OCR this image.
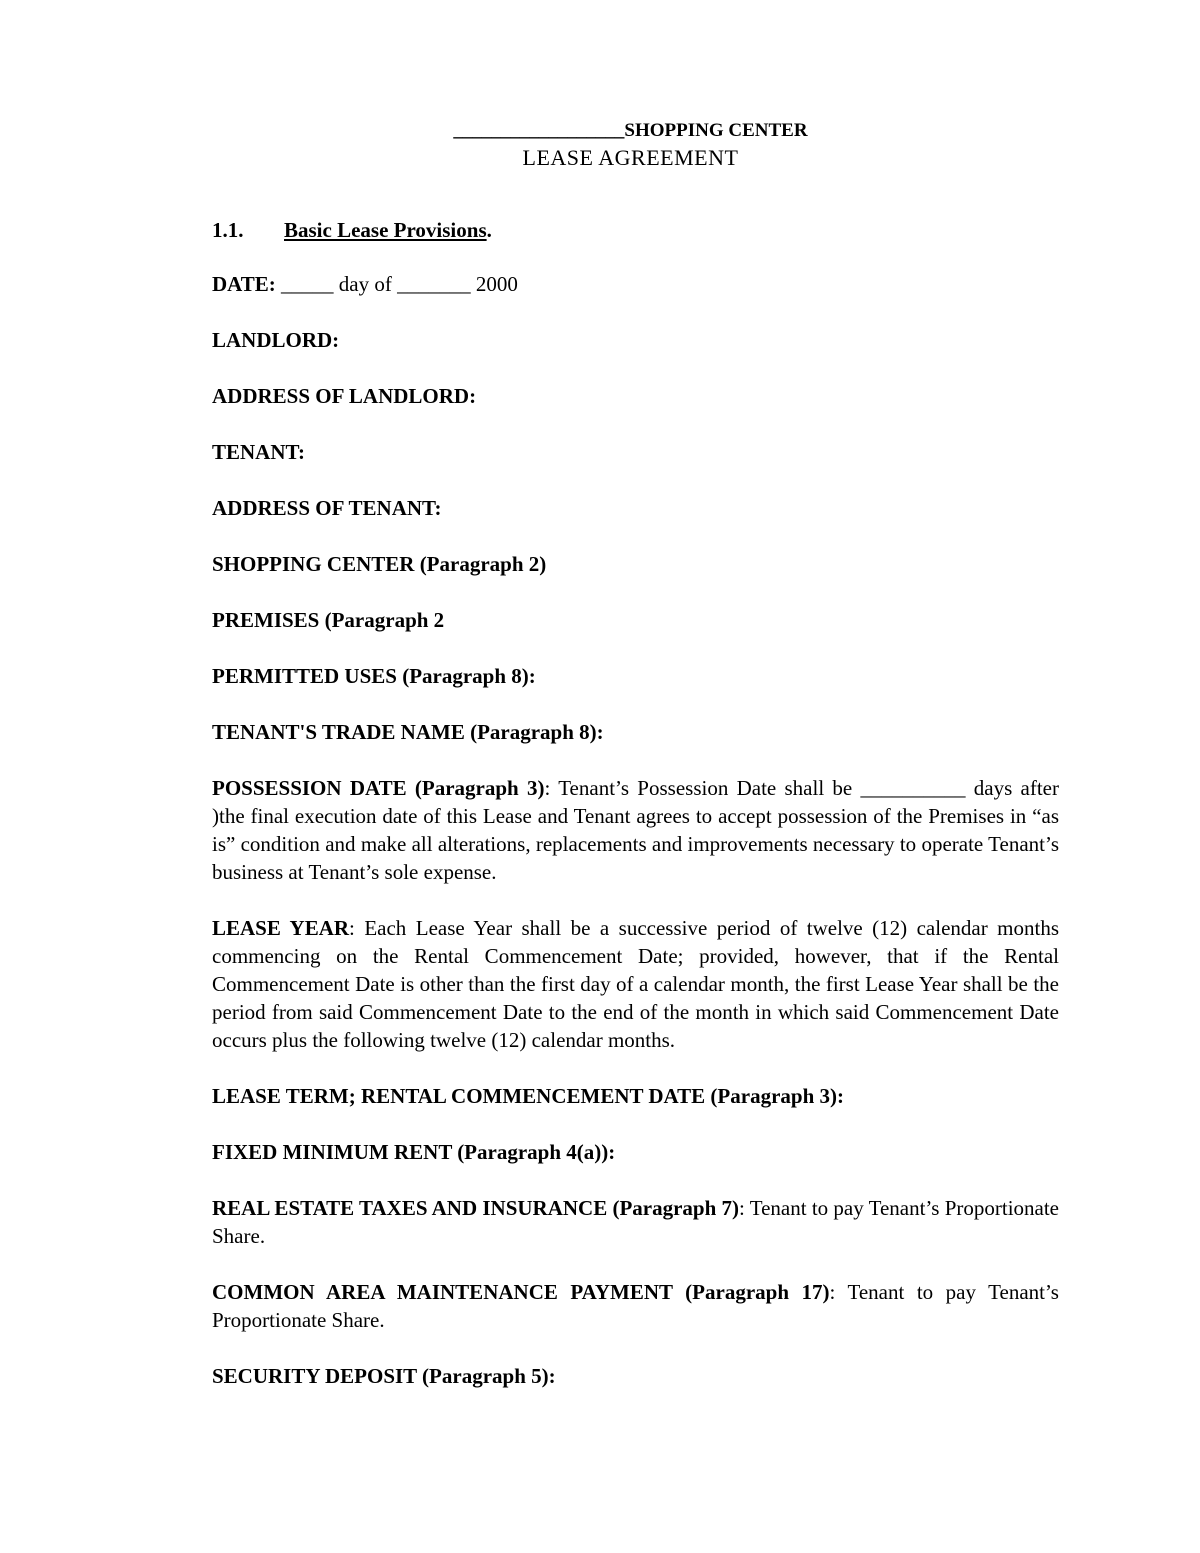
__________________SHOPPING CENTER
LEASE AGREEMENT
1.1. Basic Lease Provisions.
DATE: _____ day of _______ 2000
LANDLORD:
ADDRESS OF LANDLORD:
TENANT:
ADDRESS OF TENANT:
SHOPPING CENTER (Paragraph 2)
PREMISES (Paragraph 2
PERMITTED USES (Paragraph 8):
TENANT'S TRADE NAME (Paragraph 8):
POSSESSION DATE (Paragraph 3): Tenant’s Possession Date shall be __________ days after )the final execution date of this Lease and Tenant agrees to accept possession of the Premises in “as is” condition and make all alterations, replacements and improvements necessary to operate Tenant’s business at Tenant’s sole expense.
LEASE YEAR: Each Lease Year shall be a successive period of twelve (12) calendar months commencing on the Rental Commencement Date; provided, however, that if the Rental Commencement Date is other than the first day of a calendar month, the first Lease Year shall be the period from said Commencement Date to the end of the month in which said Commencement Date occurs plus the following twelve (12) calendar months.
LEASE TERM; RENTAL COMMENCEMENT DATE (Paragraph 3):
FIXED MINIMUM RENT (Paragraph 4(a)):
REAL ESTATE TAXES AND INSURANCE (Paragraph 7): Tenant to pay Tenant’s Proportionate Share.
COMMON AREA MAINTENANCE PAYMENT (Paragraph 17): Tenant to pay Tenant’s Proportionate Share.
SECURITY DEPOSIT (Paragraph 5):
